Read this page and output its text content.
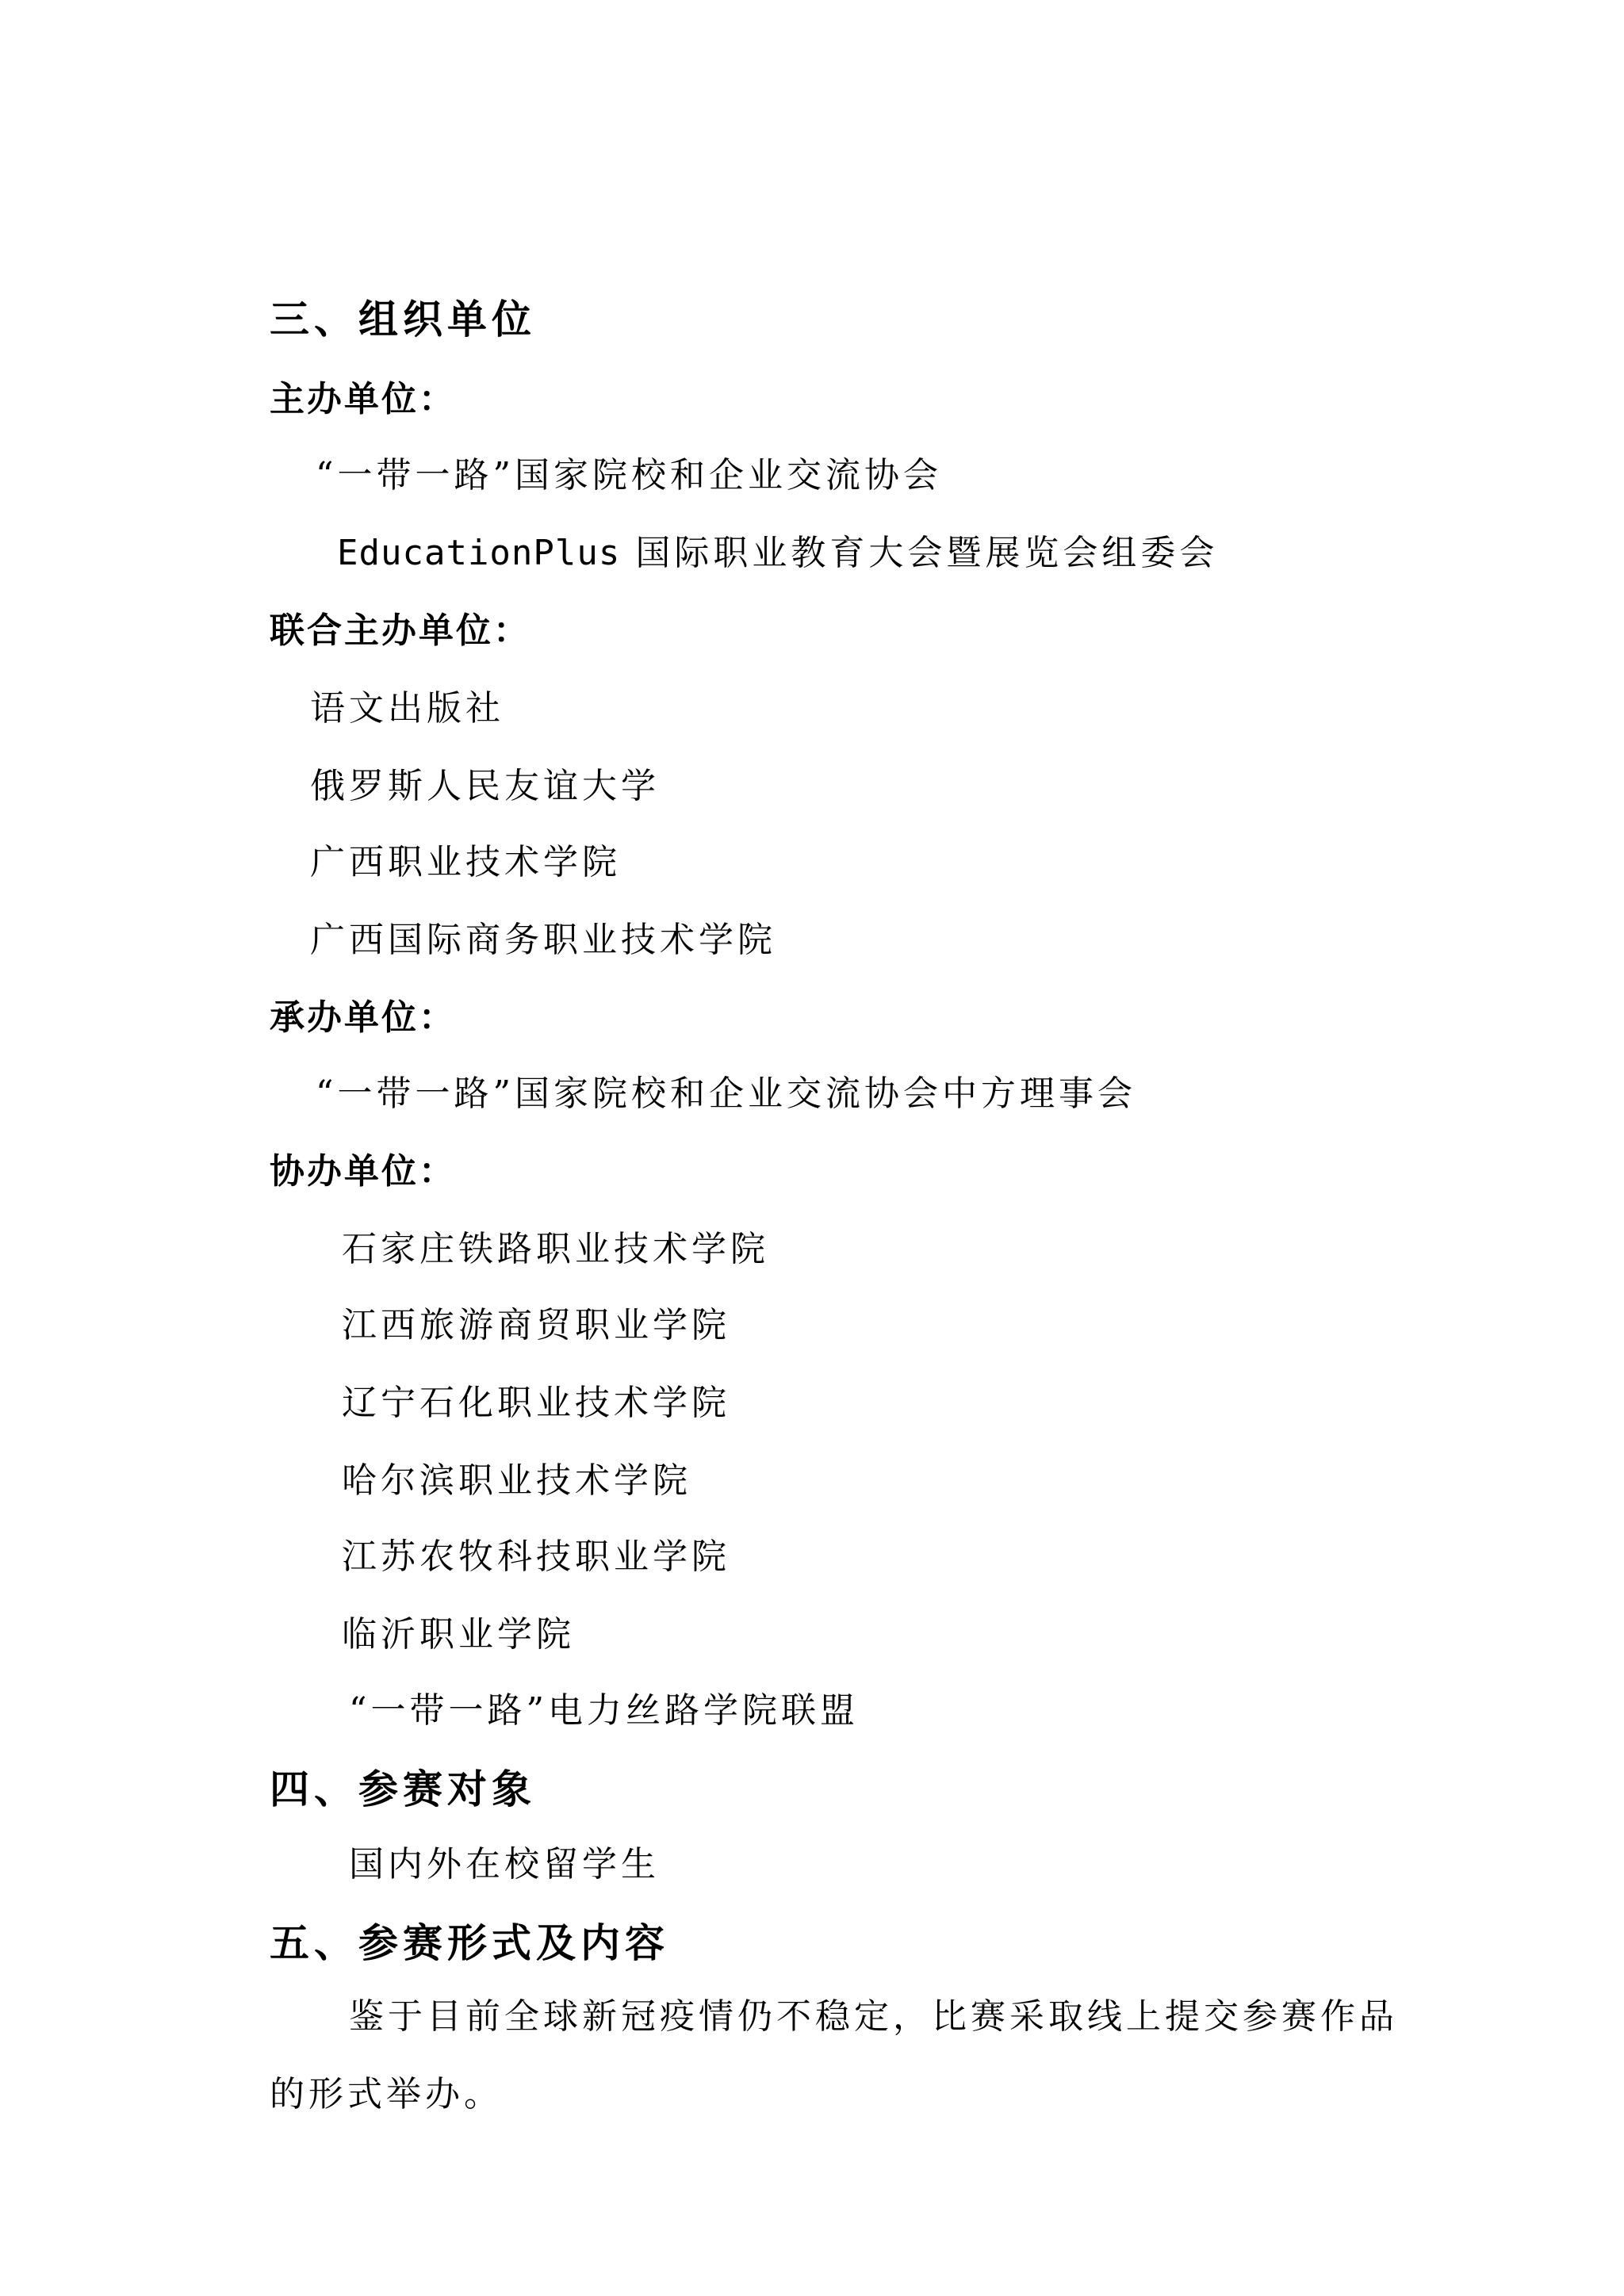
三、组织单位
主办单位：
“一带一路”国家院校和企业交流协会
EducationPlus 国际职业教育大会暨展览会组委会
联合主办单位：
语文出版社
俄罗斯人民友谊大学
广西职业技术学院
广西国际商务职业技术学院
承办单位：
“一带一路”国家院校和企业交流协会中方理事会
协办单位：
石家庄铁路职业技术学院
江西旅游商贸职业学院
辽宁石化职业技术学院
哈尔滨职业技术学院
江苏农牧科技职业学院
临沂职业学院
“一带一路”电力丝路学院联盟
四、参赛对象
国内外在校留学生
五、参赛形式及内容
鉴于目前全球新冠疫情仍不稳定，比赛采取线上提交参赛作品
的形式举办。
